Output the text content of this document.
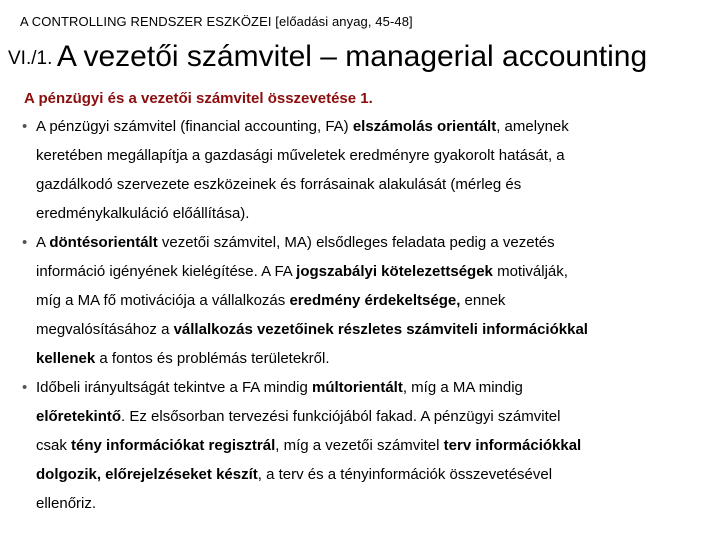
A CONTROLLING RENDSZER ESZKÖZEI [előadási anyag, 45-48]
VI./1. A vezetői számvitel – managerial accounting
A pénzügyi és a vezetői számvitel összevetése 1.
• A pénzügyi számvitel (financial accounting, FA) elszámolás orientált, amelynek
keretében megállapítja a gazdasági műveletek eredményre gyakorolt hatását, a
gazdálkodó szervezete eszközeinek és forrásainak alakulását (mérleg és
eredménykalkuláció előállítása).
• A döntésorientált vezetői számvitel, MA) elsődleges feladata pedig a vezetés
információ igényének kielégítése. A FA jogszabályi kötelezettségek motiválják,
míg a MA fő motivációja a vállalkozás eredmény érdekeltsége, ennek
megvalósításához a vállalkozás vezetőinek részletes számviteli információkkal
kellenek a fontos és problémás területekről.
• Időbeli irányultságát tekintve a FA mindig múltorientált, míg a MA mindig
előretekintő. Ez elsősorban tervezési funkciójából fakad. A pénzügyi számvitel
csak tény információkat regisztrál, míg a vezetői számvitel terv információkkal
dolgozik, előrejelzéseket készít, a terv és a tényinformációk összevetésével
ellenőriz.
